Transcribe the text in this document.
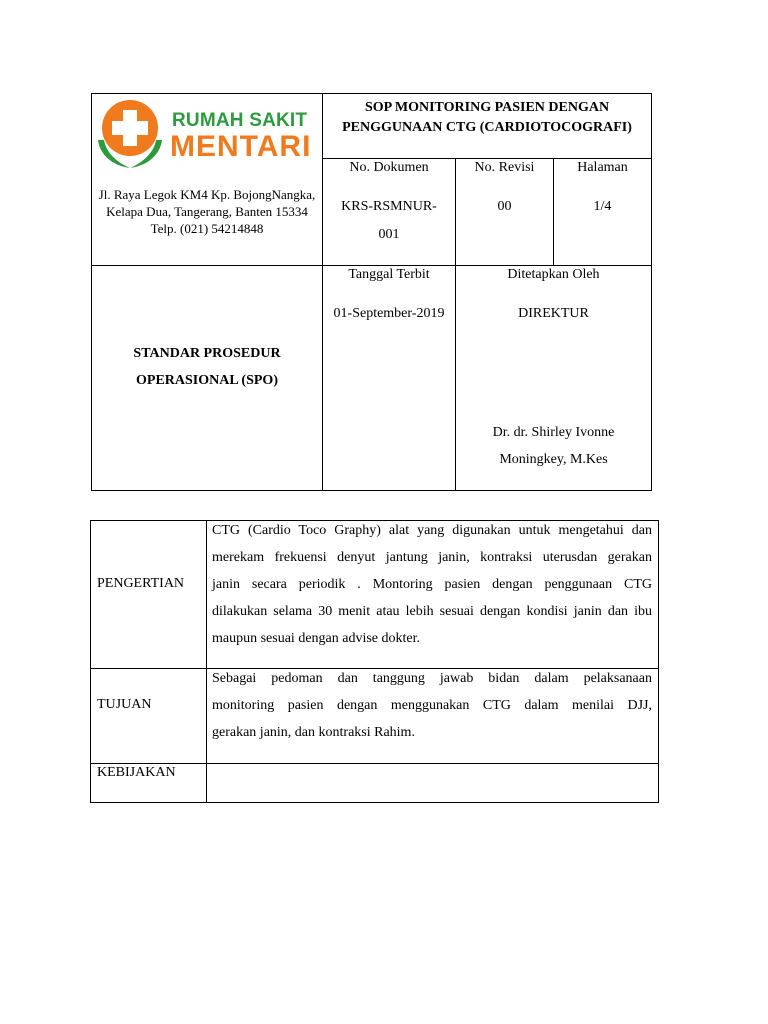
RUMAH SAKIT
MENTARI
Jl. Raya Legok KM4 Kp. BojongNangka,
Kelapa Dua, Tangerang, Banten 15334
Telp. (021) 54214848
SOP MONITORING PASIEN DENGAN
PENGGUNAAN CTG (CARDIOTOCOGRAFI)
No. Dokumen
KRS-RSMNUR-
001
No. Revisi
00
Halaman
1/4
STANDAR PROSEDUR
OPERASIONAL (SPO)
Tanggal Terbit
01-September-2019
Ditetapkan Oleh
DIREKTUR
Dr. dr. Shirley Ivonne
Moningkey, M.Kes
PENGERTIAN
TUJUAN
KEBIJAKAN
CTG (Cardio Toco Graphy) alat yang digunakan untuk mengetahui dan
merekam frekuensi denyut jantung janin, kontraksi uterusdan gerakan
janin secara periodik . Montoring pasien dengan penggunaan CTG
dilakukan selama 30 menit atau lebih sesuai dengan kondisi janin dan ibu
maupun sesuai dengan advise dokter.
Sebagai pedoman dan tanggung jawab bidan dalam pelaksanaan
monitoring pasien dengan menggunakan CTG dalam menilai DJJ,
gerakan janin, dan kontraksi Rahim.
